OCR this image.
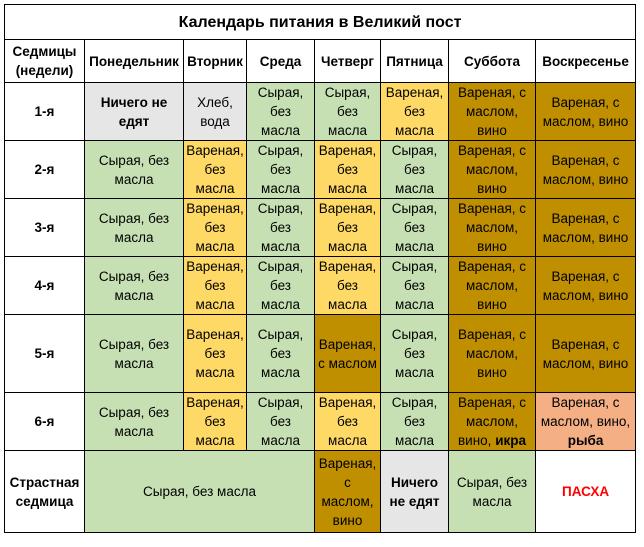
Календарь питания в Великий пост							
Седмицы (недели)	Понедельник	Вторник	Среда	Четверг	Пятница	Суббота	Воскресенье
1-я	Ничего не едят	Хлеб, вода	Сырая, без масла	Сырая, без масла	Вареная, без масла	Вареная, с маслом, вино	Вареная, с маслом, вино
2-я	Сырая, без масла	Вареная, без масла	Сырая, без масла	Вареная, без масла	Сырая, без масла	Вареная, с маслом, вино	Вареная, с маслом, вино
3-я	Сырая, без масла	Вареная, без масла	Сырая, без масла	Вареная, без масла	Сырая, без масла	Вареная, с маслом, вино	Вареная, с маслом, вино
4-я	Сырая, без масла	Вареная, без масла	Сырая, без масла	Вареная, без масла	Сырая, без масла	Вареная, с маслом, вино	Вареная, с маслом, вино
5-я	Сырая, без масла	Вареная, без масла	Сырая, без масла	Вареная, с маслом	Сырая, без масла	Вареная, с маслом, вино	Вареная, с маслом, вино
6-я	Сырая, без масла	Вареная, без масла	Сырая, без масла	Вареная, без масла	Сырая, без масла	Вареная, с маслом, вино, икра	Вареная, с маслом, вино, рыба
Страстная седмица	Сырая, без масла			Вареная, с маслом, вино	Ничего не едят	Сырая, без масла	ПАСХА
